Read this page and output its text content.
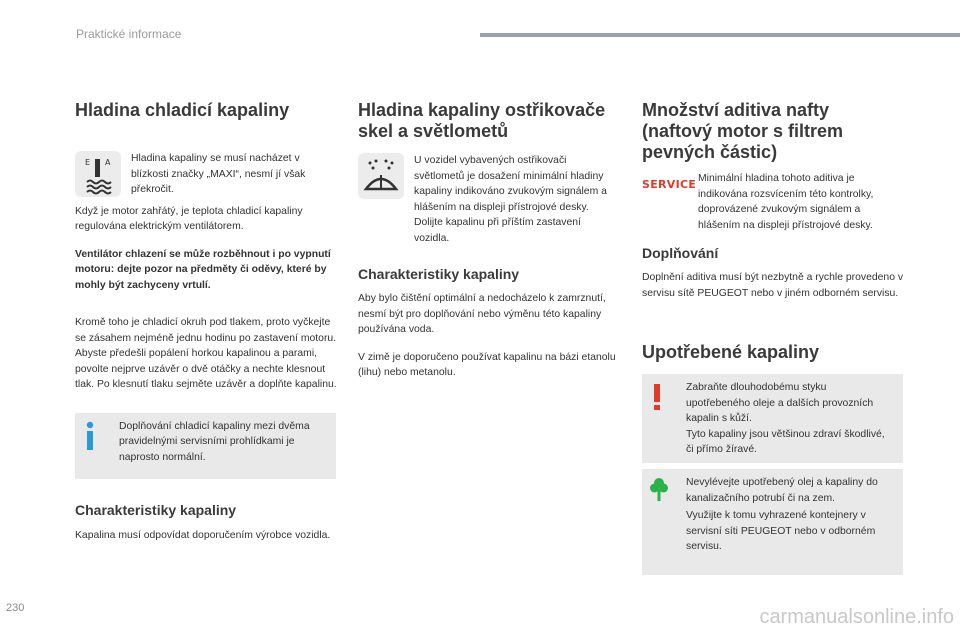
Praktické informace
Hladina chladicí kapaliny
E A Hladina kapaliny se musí nacházet v blízkosti značky „MAXI“, nesmí jí však překročit.

Když je motor zahřátý, je teplota chladicí kapaliny regulována elektrickým ventilátorem.

Ventilátor chlazení se může rozběhnout i po vypnutí motoru: dejte pozor na předměty či oděvy, které by mohly být zachyceny vrtulí.

Kromě toho je chladicí okruh pod tlakem, proto vyčkejte se zásahem nejméně jednu hodinu po zastavení motoru.

Abyste předešli popálení horkou kapalinou a parami, povolte nejprve uzávěr o dvě otáčky a nechte klesnout tlak. Po klesnutí tlaku sejměte uzávěr a doplňte kapalinu.

Doplňování chladicí kapaliny mezi dvěma pravidelnými servisními prohlídkami je naprosto normální.

Charakteristiky kapaliny

Kapalina musí odpovídat doporučením výrobce vozidla.

Hladina kapaliny ostřikovače skel a světlometů

U vozidel vybavených ostřikovači světlometů je dosažení minimální hladiny kapaliny indikováno zvukovým signálem a hlášením na displeji přístrojové desky.

Dolijte kapalinu při příštím zastavení vozidla.

Charakteristiky kapaliny

Aby bylo čištění optimální a nedocházelo k zamrznutí, nesmí být pro doplňování nebo výměnu této kapaliny používána voda.

V zimě je doporučeno používat kapalinu na bázi etanolu (lihu) nebo metanolu.

Množství aditiva nafty (naftový motor s filtrem pevných částic)
SERVICE Minimální hladina tohoto aditiva je indikována rozsvícením této kontrolky, doprovázené zvukovým signálem a hlášením na displeji přístrojové desky.

Doplňování

Doplnění aditiva musí být nezbytně a rychle provedeno v servisu sítě PEUGEOT nebo v jiném odborném servisu.

Upotřebené kapaliny

Zabraňte dlouhodobému styku upotřebeného oleje a dalších provozních kapalin s kůží.

Tyto kapaliny jsou většinou zdraví škodlivé, či přímo žíravé.

Nevylévejte upotřebený olej a kapaliny do kanalizačního potrubí či na zem.

Využijte k tomu vyhrazené kontejnery v servisní síti PEUGEOT nebo v odborném servisu.

230	carmanualsonline.info
